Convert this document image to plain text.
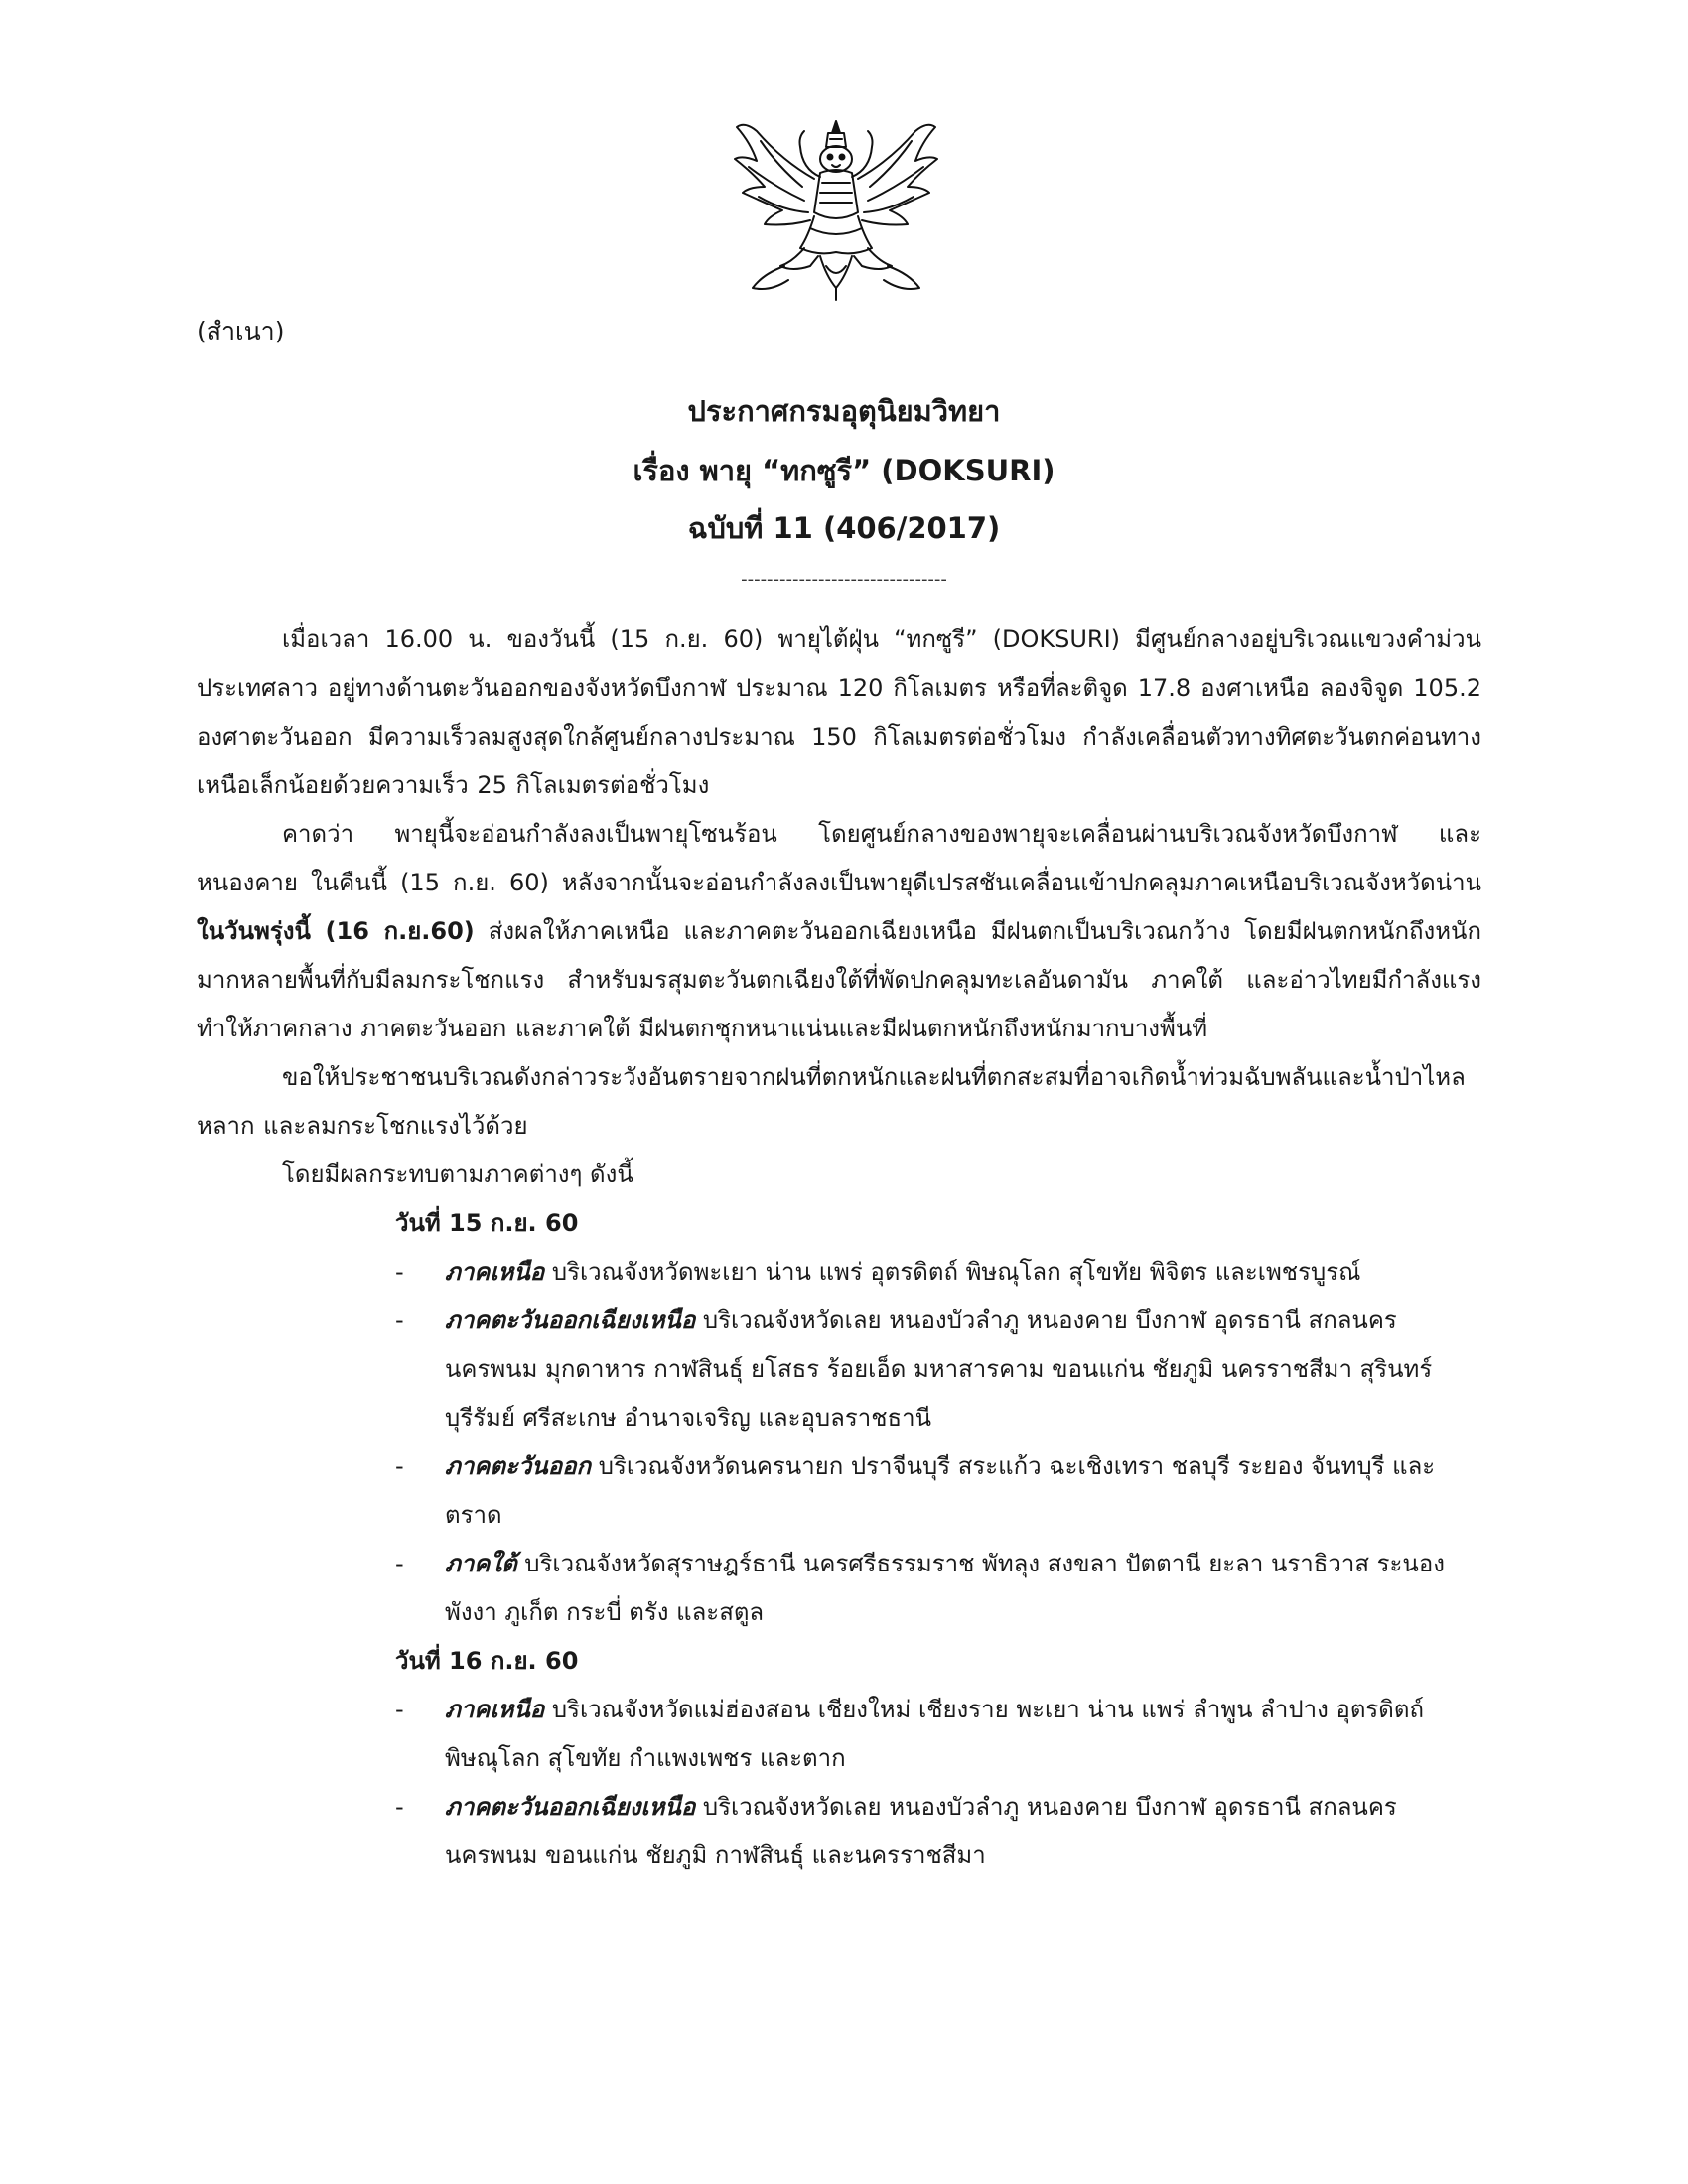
(สำเนา)
ประกาศกรมอุตุนิยมวิทยา
เรื่อง พายุ “ทกซูรี” (DOKSURI)
ฉบับที่ 11 (406/2017)
--------------------------------

เมื่อเวลา 16.00 น. ของวันนี้ (15 ก.ย. 60) พายุไต้ฝุ่น “ทกซูรี” (DOKSURI) มีศูนย์กลางอยู่บริเวณแขวงคำม่วน ประเทศลาว อยู่ทางด้านตะวันออกของจังหวัดบึงกาฬ ประมาณ 120 กิโลเมตร หรือที่ละติจูด 17.8 องศาเหนือ ลองจิจูด 105.2 องศาตะวันออก มีความเร็วลมสูงสุดใกล้ศูนย์กลางประมาณ 150 กิโลเมตรต่อชั่วโมง กำลังเคลื่อนตัวทางทิศตะวันตกค่อนทางเหนือเล็กน้อยด้วยความเร็ว 25 กิโลเมตรต่อชั่วโมง

คาดว่า พายุนี้จะอ่อนกำลังลงเป็นพายุโซนร้อน โดยศูนย์กลางของพายุจะเคลื่อนผ่านบริเวณจังหวัดบึงกาฬ และหนองคาย ในคืนนี้ (15 ก.ย. 60) หลังจากนั้นจะอ่อนกำลังลงเป็นพายุดีเปรสชันเคลื่อนเข้าปกคลุมภาคเหนือบริเวณจังหวัดน่าน ในวันพรุ่งนี้ (16 ก.ย.60) ส่งผลให้ภาคเหนือ และภาคตะวันออกเฉียงเหนือ มีฝนตกเป็นบริเวณกว้าง โดยมีฝนตกหนักถึงหนักมากหลายพื้นที่กับมีลมกระโชกแรง สำหรับมรสุมตะวันตกเฉียงใต้ที่พัดปกคลุมทะเลอันดามัน ภาคใต้ และอ่าวไทยมีกำลังแรง ทำให้ภาคกลาง ภาคตะวันออก และภาคใต้ มีฝนตกชุกหนาแน่นและมีฝนตกหนักถึงหนักมากบางพื้นที่

ขอให้ประชาชนบริเวณดังกล่าวระวังอันตรายจากฝนที่ตกหนักและฝนที่ตกสะสมที่อาจเกิดน้ำท่วมฉับพลันและน้ำป่าไหลหลาก และลมกระโชกแรงไว้ด้วย

โดยมีผลกระทบตามภาคต่างๆ ดังนี้

วันที่ 15 ก.ย. 60

- ภาคเหนือ บริเวณจังหวัดพะเยา น่าน แพร่ อุตรดิตถ์ พิษณุโลก สุโขทัย พิจิตร และเพชรบูรณ์
- ภาคตะวันออกเฉียงเหนือ บริเวณจังหวัดเลย หนองบัวลำภู หนองคาย บึงกาฬ อุดรธานี สกลนคร นครพนม มุกดาหาร กาฬสินธุ์ ยโสธร ร้อยเอ็ด มหาสารคาม ขอนแก่น ชัยภูมิ นครราชสีมา สุรินทร์ บุรีรัมย์ ศรีสะเกษ อำนาจเจริญ และอุบลราชธานี
- ภาคตะวันออก บริเวณจังหวัดนครนายก ปราจีนบุรี สระแก้ว ฉะเชิงเทรา ชลบุรี ระยอง จันทบุรี และตราด
- ภาคใต้ บริเวณจังหวัดสุราษฎร์ธานี นครศรีธรรมราช พัทลุง สงขลา ปัตตานี ยะลา นราธิวาส ระนอง พังงา ภูเก็ต กระบี่ ตรัง และสตูล

วันที่ 16 ก.ย. 60

- ภาคเหนือ บริเวณจังหวัดแม่ฮ่องสอน เชียงใหม่ เชียงราย พะเยา น่าน แพร่ ลำพูน ลำปาง อุตรดิตถ์ พิษณุโลก สุโขทัย กำแพงเพชร และตาก
- ภาคตะวันออกเฉียงเหนือ บริเวณจังหวัดเลย หนองบัวลำภู หนองคาย บึงกาฬ อุดรธานี สกลนคร นครพนม ขอนแก่น ชัยภูมิ กาฬสินธุ์ และนครราชสีมา
